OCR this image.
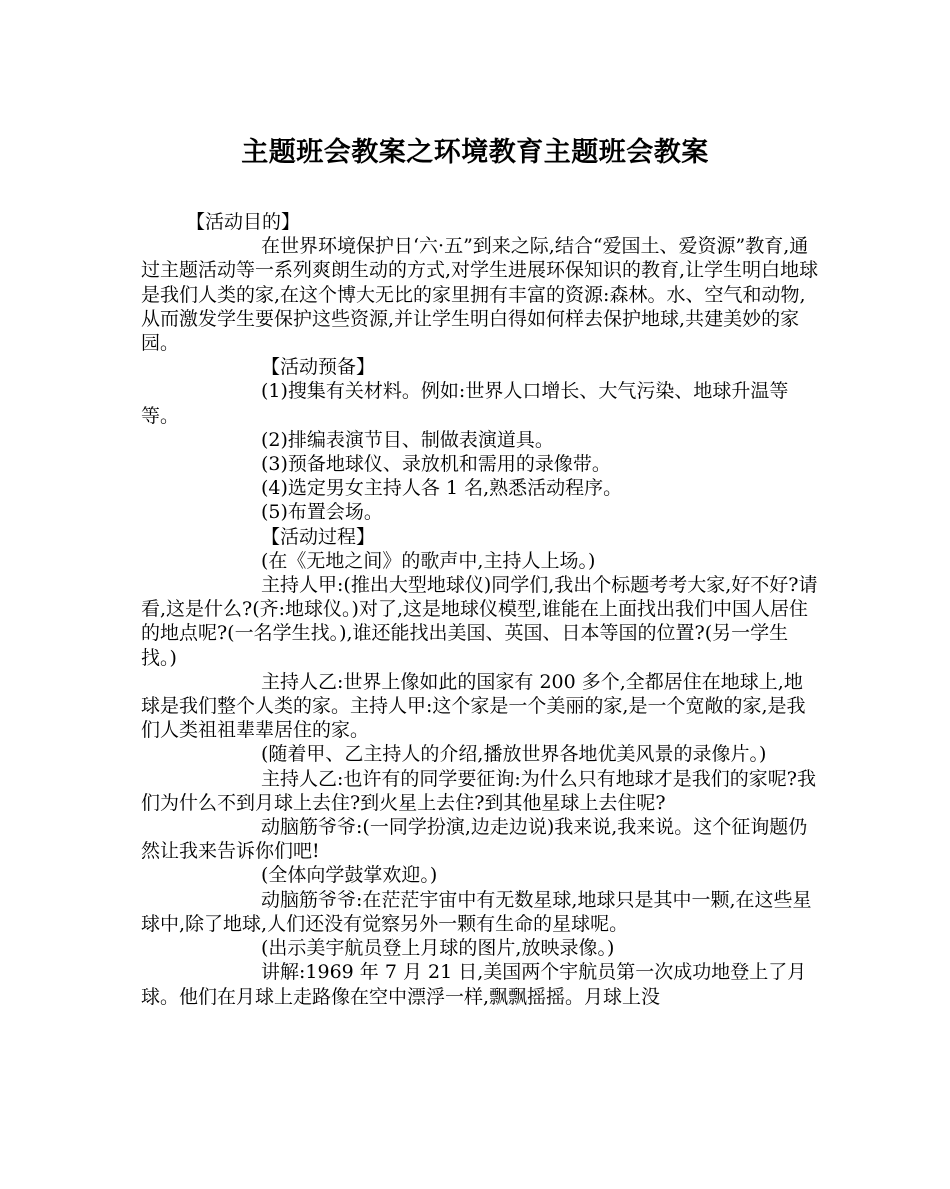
主题班会教案之环境教育主题班会教案

【活动目的】

在世界环境保护日‘六·五”到来之际,结合“爱国土、爱资源”教育,通过主题活动等一系列爽朗生动的方式,对学生进展环保知识的教育,让学生明白地球是我们人类的家,在这个博大无比的家里拥有丰富的资源:森林。水、空气和动物,从而激发学生要保护这些资源,并让学生明白得如何样去保护地球,共建美妙的家园。

【活动预备】

(1)搜集有关材料。例如:世界人口增长、大气污染、地球升温等等。

(2)排编表演节目、制做表演道具。

(3)预备地球仪、录放机和需用的录像带。

(4)选定男女主持人各 1 名,熟悉活动程序。

(5)布置会场。

【活动过程】

(在《无地之间》的歌声中,主持人上场。)

主持人甲:(推出大型地球仪)同学们,我出个标题考考大家,好不好?请看,这是什么?(齐:地球仪。)对了,这是地球仪模型,谁能在上面找出我们中国人居住的地点呢?(一名学生找。),谁还能找出美国、英国、日本等国的位置?(另一学生找。)

主持人乙:世界上像如此的国家有 200 多个,全都居住在地球上,地球是我们整个人类的家。主持人甲:这个家是一个美丽的家,是一个宽敞的家,是我们人类祖祖辈辈居住的家。

(随着甲、乙主持人的介绍,播放世界各地优美风景的录像片。)

主持人乙:也许有的同学要征询:为什么只有地球才是我们的家呢?我们为什么不到月球上去住?到火星上去住?到其他星球上去住呢?

动脑筋爷爷:(一同学扮演,边走边说)我来说,我来说。这个征询题仍然让我来告诉你们吧!

(全体向学鼓掌欢迎。)

动脑筋爷爷:在茫茫宇宙中有无数星球,地球只是其中一颗,在这些星球中,除了地球,人们还没有觉察另外一颗有生命的星球呢。

(出示美宇航员登上月球的图片,放映录像。)

讲解:1969 年 7 月 21 日,美国两个宇航员第一次成功地登上了月球。他们在月球上走路像在空中漂浮一样,飘飘摇摇。月球上没
